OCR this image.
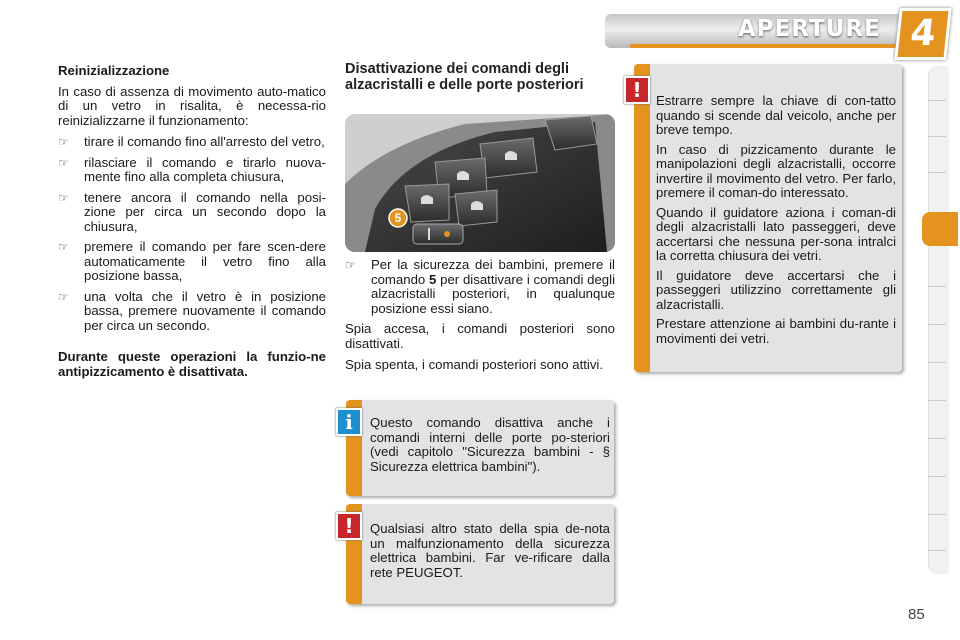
APERTURE 4

Reinizializzazione

In caso di assenza di movimento auto-matico di un vetro in risalita, è necessa-rio reinizializzarne il funzionamento:

☞ tirare il comando fino all'arresto del vetro,
☞ rilasciare il comando e tirarlo nuova-mente fino alla completa chiusura,
☞ tenere ancora il comando nella posi-zione per circa un secondo dopo la chiusura,
☞ premere il comando per fare scen-dere automaticamente il vetro fino alla posizione bassa,
☞ una volta che il vetro è in posizione bassa, premere nuovamente il comando per circa un secondo.

Durante queste operazioni la funzio-ne antipizzicamento è disattivata.

Disattivazione dei comandi degli alzacristalli e delle porte posteriori
5
☞ Per la sicurezza dei bambini, premere il comando 5 per disattivare i comandi degli alzacristalli posteriori, in qualunque posizione essi siano.

Spia accesa, i comandi posteriori sono disattivati.

Spia spenta, i comandi posteriori sono attivi.

Estrarre sempre la chiave di con-tatto quando si scende dal veicolo, anche per breve tempo.

In caso di pizzicamento durante le manipolazioni degli alzacristalli, occorre invertire il movimento del vetro. Per farlo, premere il coman-do interessato.

Quando il guidatore aziona i coman-di degli alzacristalli lato passeggeri, deve accertarsi che nessuna per-sona intralci la corretta chiusura dei vetri.

Il guidatore deve accertarsi che i passeggeri utilizzino correttamente gli alzacristalli.

Prestare attenzione ai bambini du-rante i movimenti dei vetri.

!

Questo comando disattiva anche i comandi interni delle porte po-steriori (vedi capitolo "Sicurezza bambini - § Sicurezza elettrica bambini").

i

Qualsiasi altro stato della spia de-nota un malfunzionamento della sicurezza elettrica bambini. Far ve-rificare dalla rete PEUGEOT.

!
85
